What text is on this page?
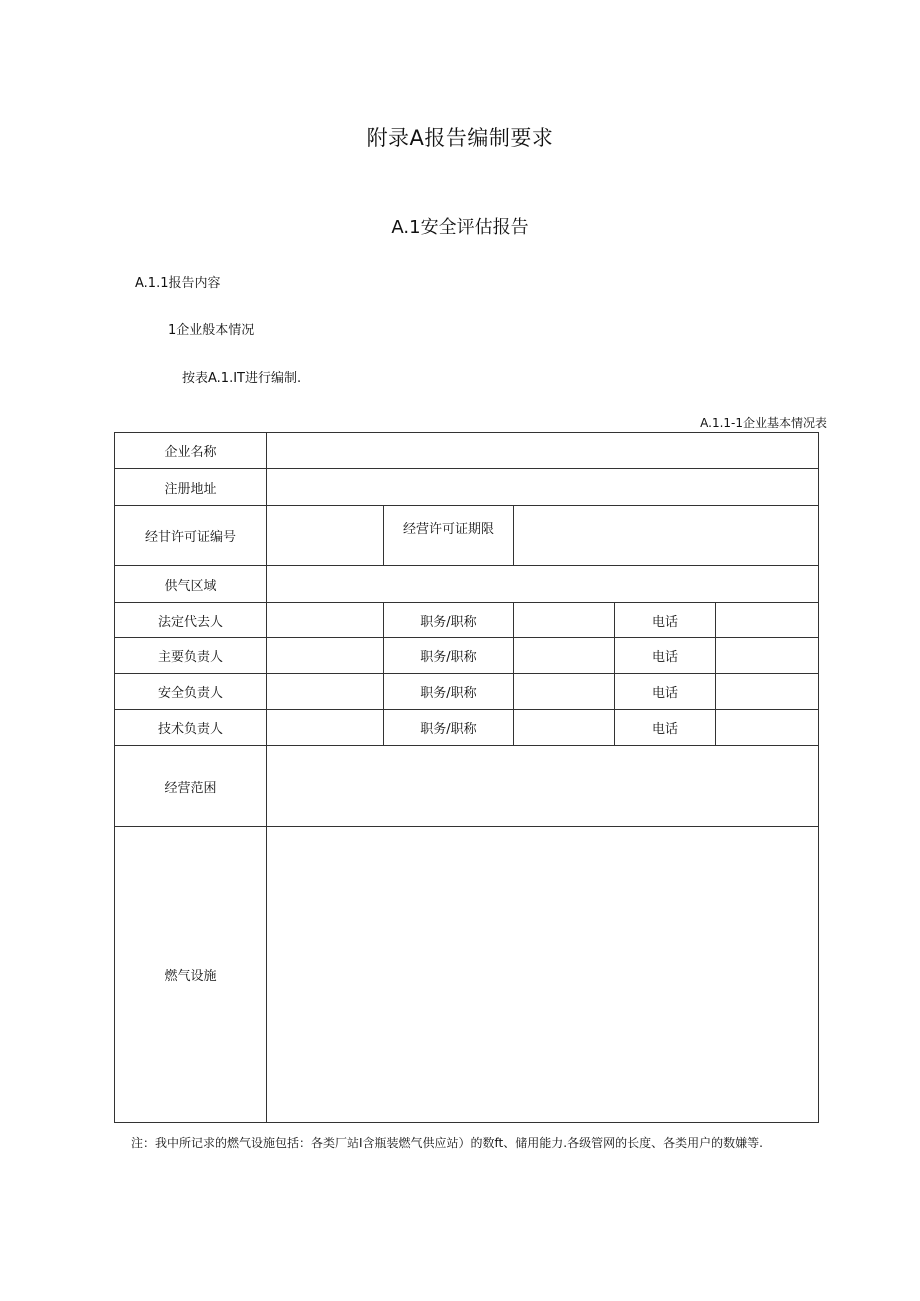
附录A报告编制要求
A.1安全评估报告
A.1.1报告内容
1企业般本情况
按表A.1.IT进行编制.
A.1.1-1企业基本情况表
企业名称					
注册地址					
经甘许可证编号		经营许可证期限			
供气区域					
法定代去人		职务/职称		电话	
主要负责人		职务/职称		电话	
安全负责人		职务/职称		电话	
技术负责人		职务/职称		电话	
经营范困					
燃气设施					
注：我中所记求的燃气设施包括：各类厂站I含瓶装燃气供应站）的数ft、储用能力.各级管网的长度、各类用户的数嫌等.
